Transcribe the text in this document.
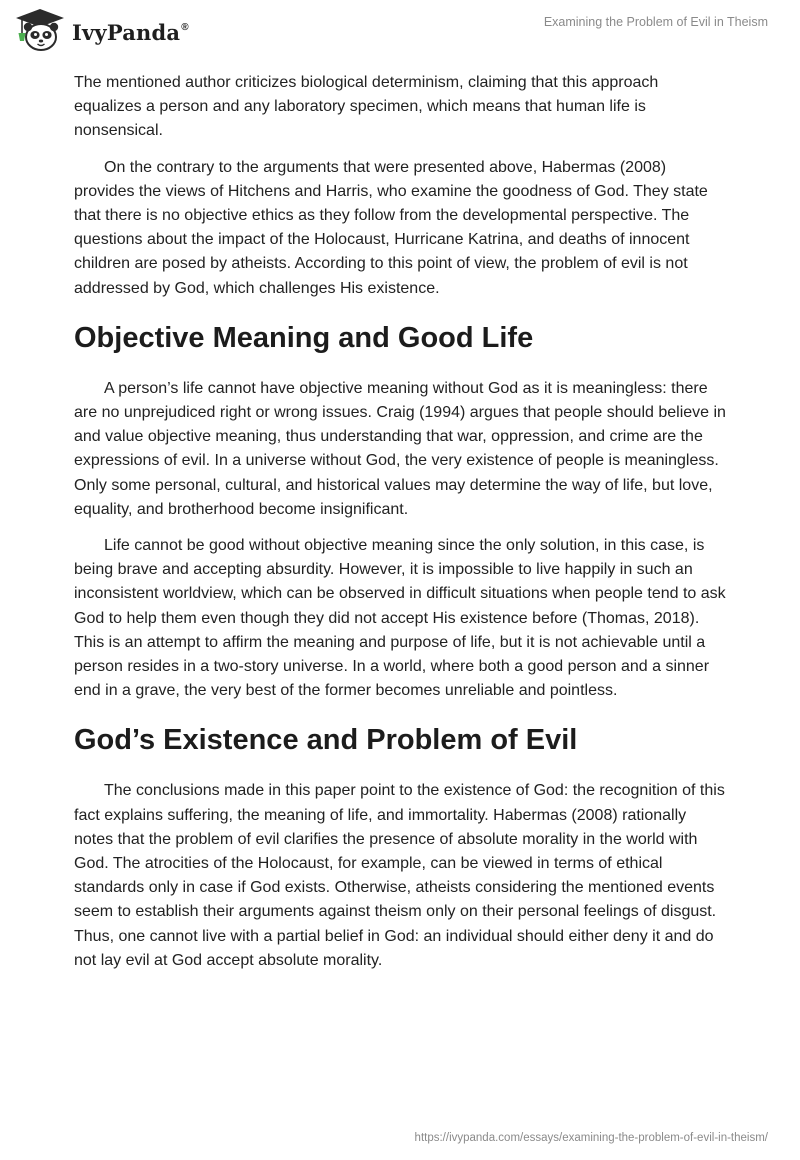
IvyPanda®	Examining the Problem of Evil in Theism

The mentioned author criticizes biological determinism, claiming that this approach equalizes a person and any laboratory specimen, which means that human life is nonsensical.

On the contrary to the arguments that were presented above, Habermas (2008) provides the views of Hitchens and Harris, who examine the goodness of God. They state that there is no objective ethics as they follow from the developmental perspective. The questions about the impact of the Holocaust, Hurricane Katrina, and deaths of innocent children are posed by atheists. According to this point of view, the problem of evil is not addressed by God, which challenges His existence.

Objective Meaning and Good Life

A person’s life cannot have objective meaning without God as it is meaningless: there are no unprejudiced right or wrong issues. Craig (1994) argues that people should believe in and value objective meaning, thus understanding that war, oppression, and crime are the expressions of evil. In a universe without God, the very existence of people is meaningless. Only some personal, cultural, and historical values may determine the way of life, but love, equality, and brotherhood become insignificant.

Life cannot be good without objective meaning since the only solution, in this case, is being brave and accepting absurdity. However, it is impossible to live happily in such an inconsistent worldview, which can be observed in difficult situations when people tend to ask God to help them even though they did not accept His existence before (Thomas, 2018). This is an attempt to affirm the meaning and purpose of life, but it is not achievable until a person resides in a two-story universe. In a world, where both a good person and a sinner end in a grave, the very best of the former becomes unreliable and pointless.

God’s Existence and Problem of Evil

The conclusions made in this paper point to the existence of God: the recognition of this fact explains suffering, the meaning of life, and immortality. Habermas (2008) rationally notes that the problem of evil clarifies the presence of absolute morality in the world with God. The atrocities of the Holocaust, for example, can be viewed in terms of ethical standards only in case if God exists. Otherwise, atheists considering the mentioned events seem to establish their arguments against theism only on their personal feelings of disgust. Thus, one cannot live with a partial belief in God: an individual should either deny it and do not lay evil at God accept absolute morality.

https://ivypanda.com/essays/examining-the-problem-of-evil-in-theism/
